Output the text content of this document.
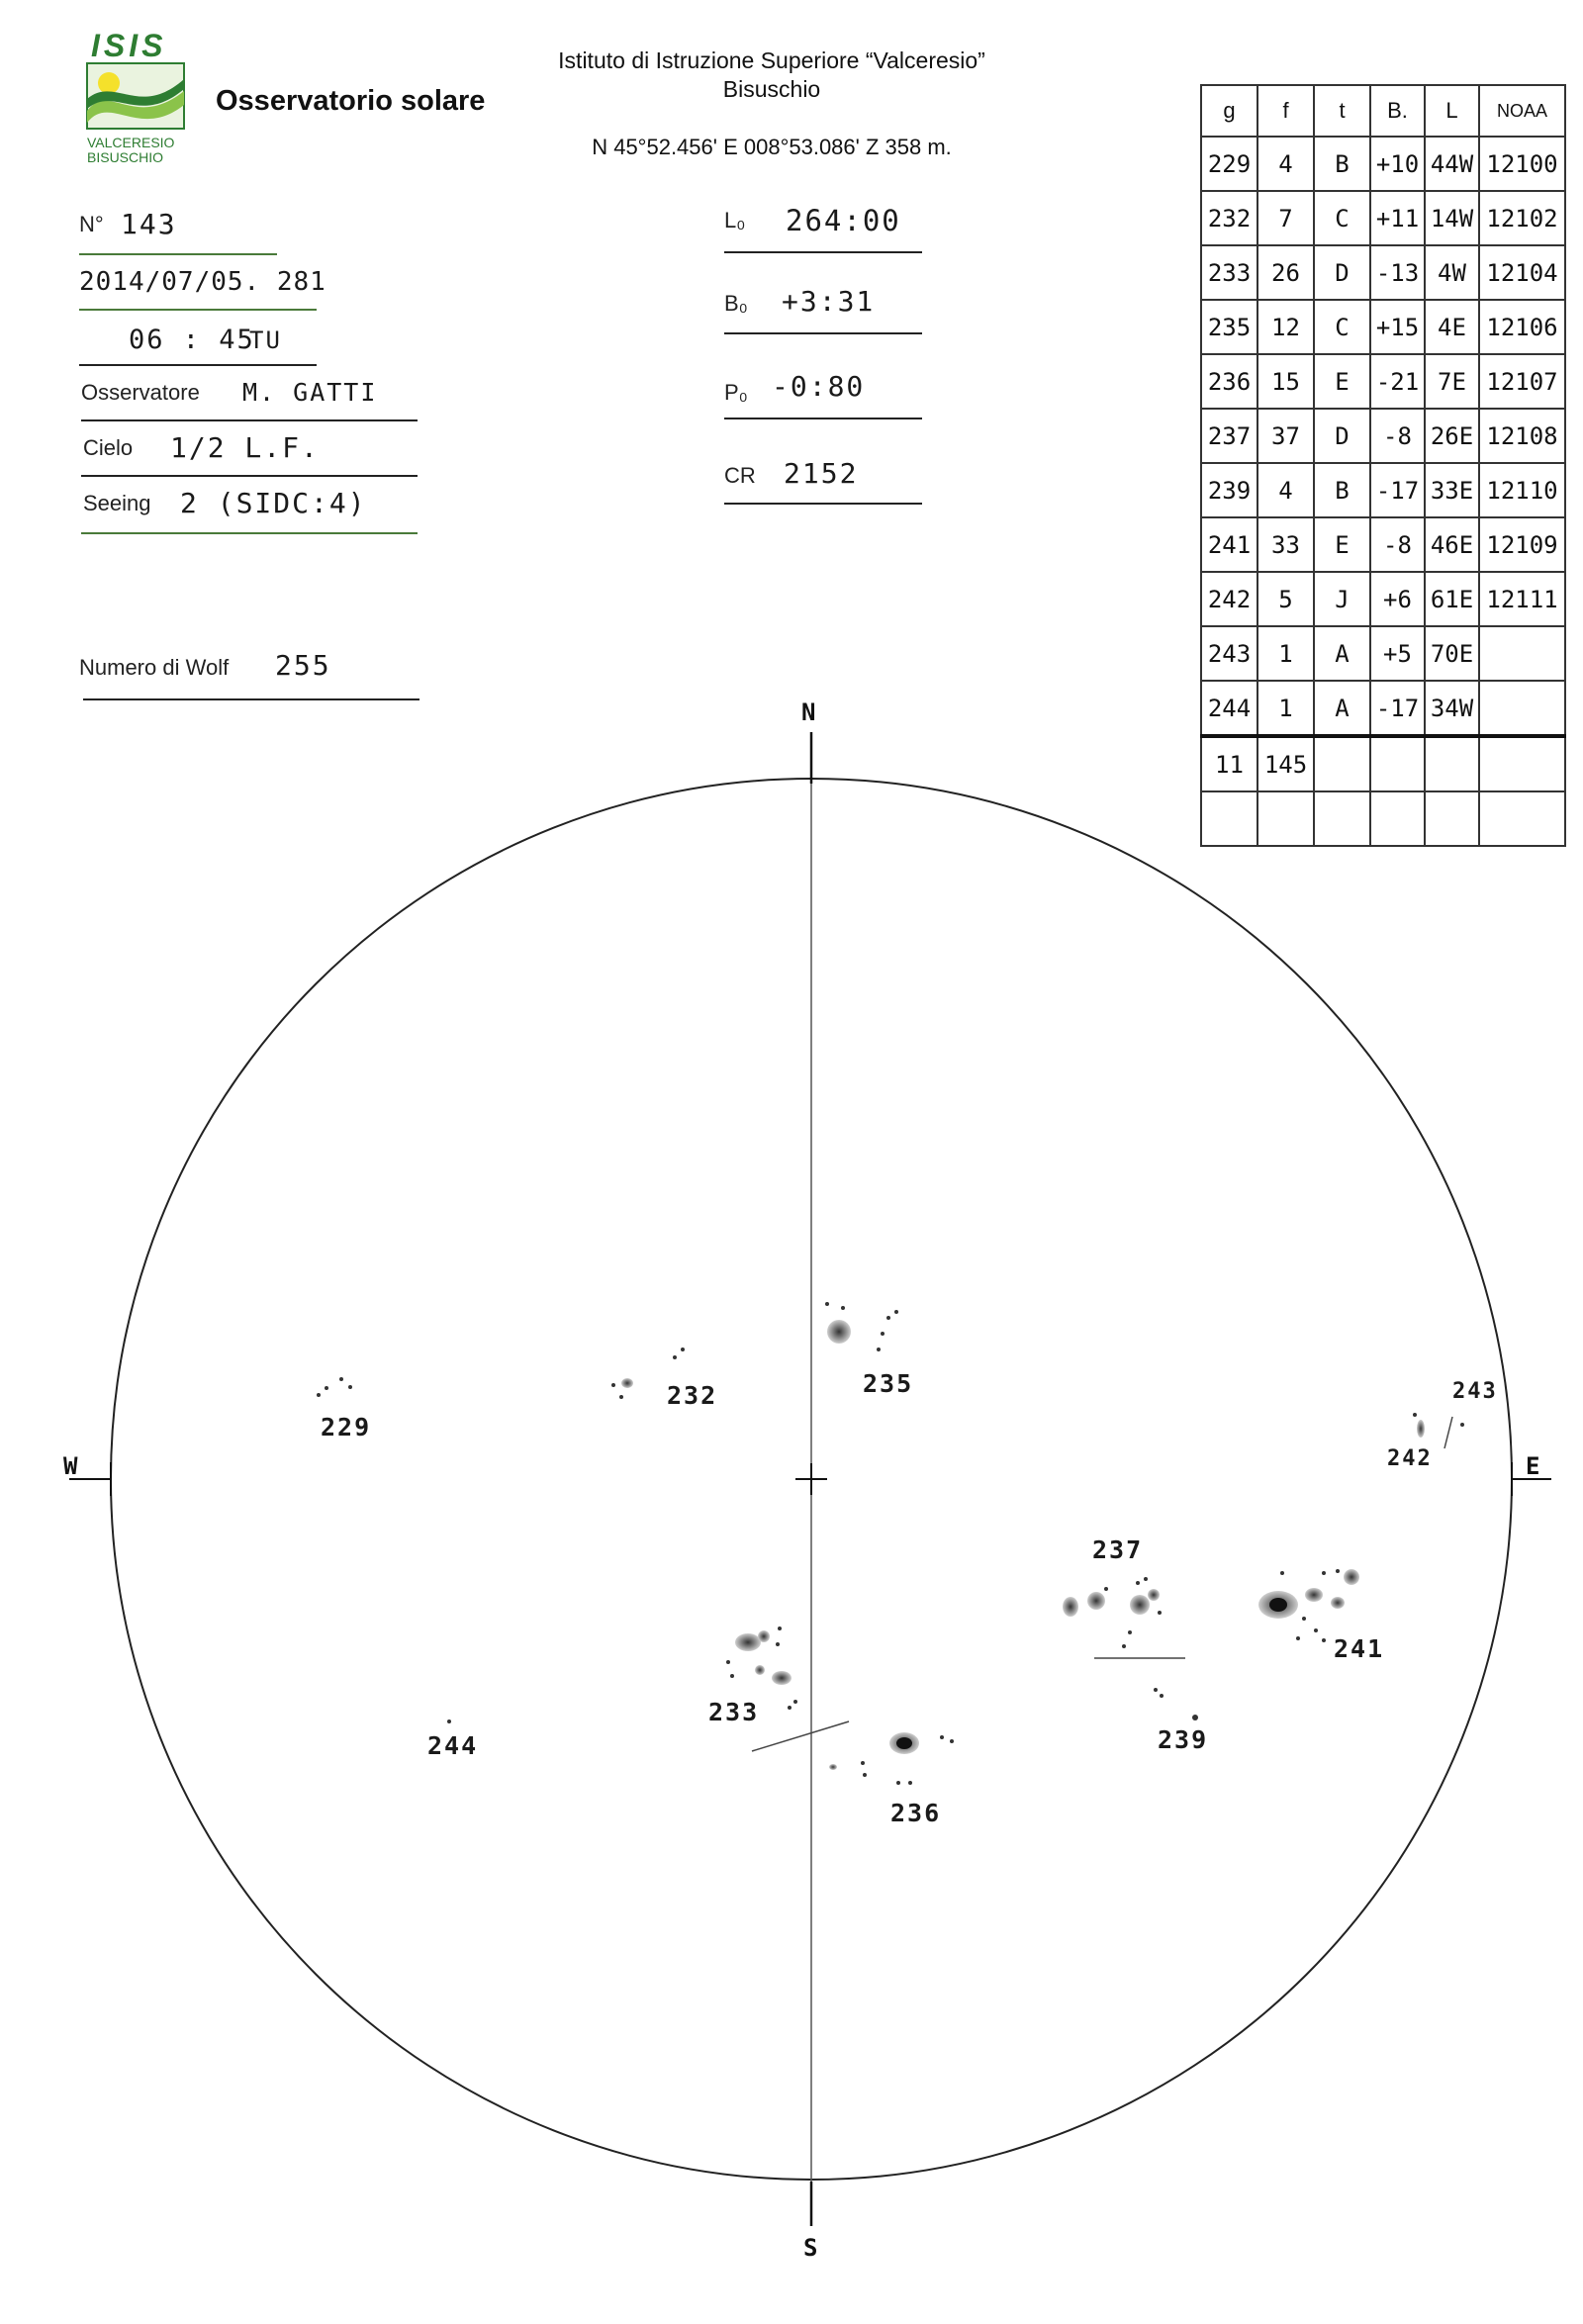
ISIS
VALCERESIO
BISUSCHIO
Osservatorio solare
Istituto di Istruzione Superiore “Valceresio”
Bisuschio
N 45°52.456' E 008°53.086' Z 358 m.
N° 143
2014/07/05. 281
06 : 45
TU
Osservatore M. GATTI
Cielo 1/2 L.F.
Seeing 2 (SIDC:4)
Numero di Wolf 255
L₀ 264:00
B₀ +3:31
P₀ -0:80
CR 2152
g	f	t	B.	L	NOAA
229	4	B	+10	44W	12100
232	7	C	+11	14W	12102
233	26	D	-13	4W	12104
235	12	C	+15	4E	12106
236	15	E	-21	7E	12107
237	37	D	-8	26E	12108
239	4	B	-17	33E	12110
241	33	E	-8	46E	12109
242	5	J	+6	61E	12111
243	1	A	+5	70E	
244	1	A	-17	34W	
11	145				

N
S
W	E
229
232	235	243
242
237
241
233
239
244
236
